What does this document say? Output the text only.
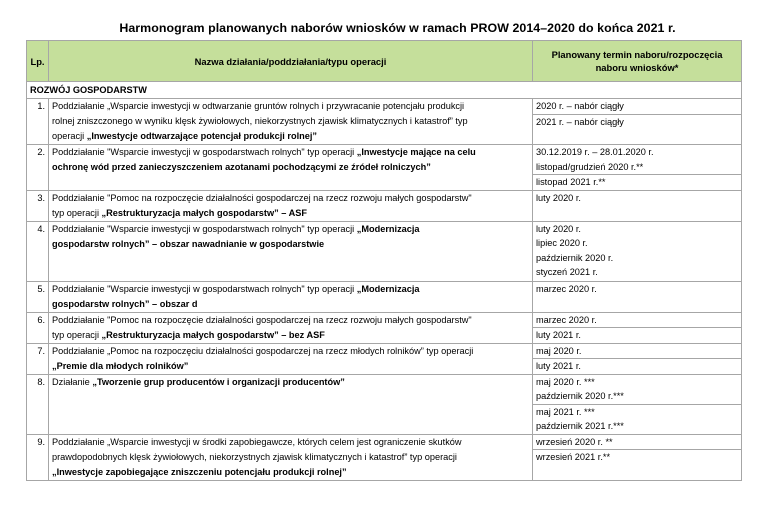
Harmonogram planowanych naborów wniosków w ramach PROW 2014–2020 do końca 2021 r.
Lp.	Nazwa działania/poddziałania/typu operacji	Planowany termin naboru/rozpoczęcia naboru wniosków*
ROZWÓJ GOSPODARSTW		
1.	Poddziałanie „Wsparcie inwestycji w odtwarzanie gruntów rolnych i przywracanie potencjału produkcji
rolnej zniszczonego w wyniku klęsk żywiołowych, niekorzystnych zjawisk klimatycznych i katastrof” typ
operacji „Inwestycje odtwarzające potencjał produkcji rolnej”	2020 r. – nabór ciągły
2021 r. – nabór ciągły

2.	Poddziałanie "Wsparcie inwestycji w gospodarstwach rolnych" typ operacji „Inwestycje mające na celu
ochronę wód przed zanieczyszczeniem azotanami pochodzącymi ze źródeł rolniczych”	30.12.2019 r. – 28.01.2020 r.
listopad/grudzień 2020 r.**
listopad 2021 r.**

3.	Poddziałanie "Pomoc na rozpoczęcie działalności gospodarczej na rzecz rozwoju małych gospodarstw"
typ operacji „Restrukturyzacja małych gospodarstw” – ASF	luty 2020 r.

4.	Poddziałanie "Wsparcie inwestycji w gospodarstwach rolnych" typ operacji „Modernizacja
gospodarstw rolnych” – obszar nawadnianie w gospodarstwie	luty 2020 r.
lipiec 2020 r.
październik 2020 r.
styczeń 2021 r.

5.	Poddziałanie "Wsparcie inwestycji w gospodarstwach rolnych" typ operacji „Modernizacja
gospodarstw rolnych” – obszar d	marzec 2020 r.

6.	Poddziałanie "Pomoc na rozpoczęcie działalności gospodarczej na rzecz rozwoju małych gospodarstw"
typ operacji „Restrukturyzacja małych gospodarstw” – bez ASF	marzec 2020 r.
luty 2021 r.

7.	Poddziałanie „Pomoc na rozpoczęciu działalności gospodarczej na rzecz młodych rolników” typ operacji
„Premie dla młodych rolników”	maj 2020 r.
luty 2021 r.

8.	Działanie „Tworzenie grup producentów i organizacji producentów”	maj 2020 r. ***
październik 2020 r.***
maj 2021 r. ***
październik 2021 r.***

9.	Poddziałanie „Wsparcie inwestycji w środki zapobiegawcze, których celem jest ograniczenie skutków
prawdopodobnych klęsk żywiołowych, niekorzystnych zjawisk klimatycznych i katastrof” typ operacji
„Inwestycje zapobiegające zniszczeniu potencjału produkcji rolnej”	wrzesień 2020 r. **
wrzesień 2021 r.**
